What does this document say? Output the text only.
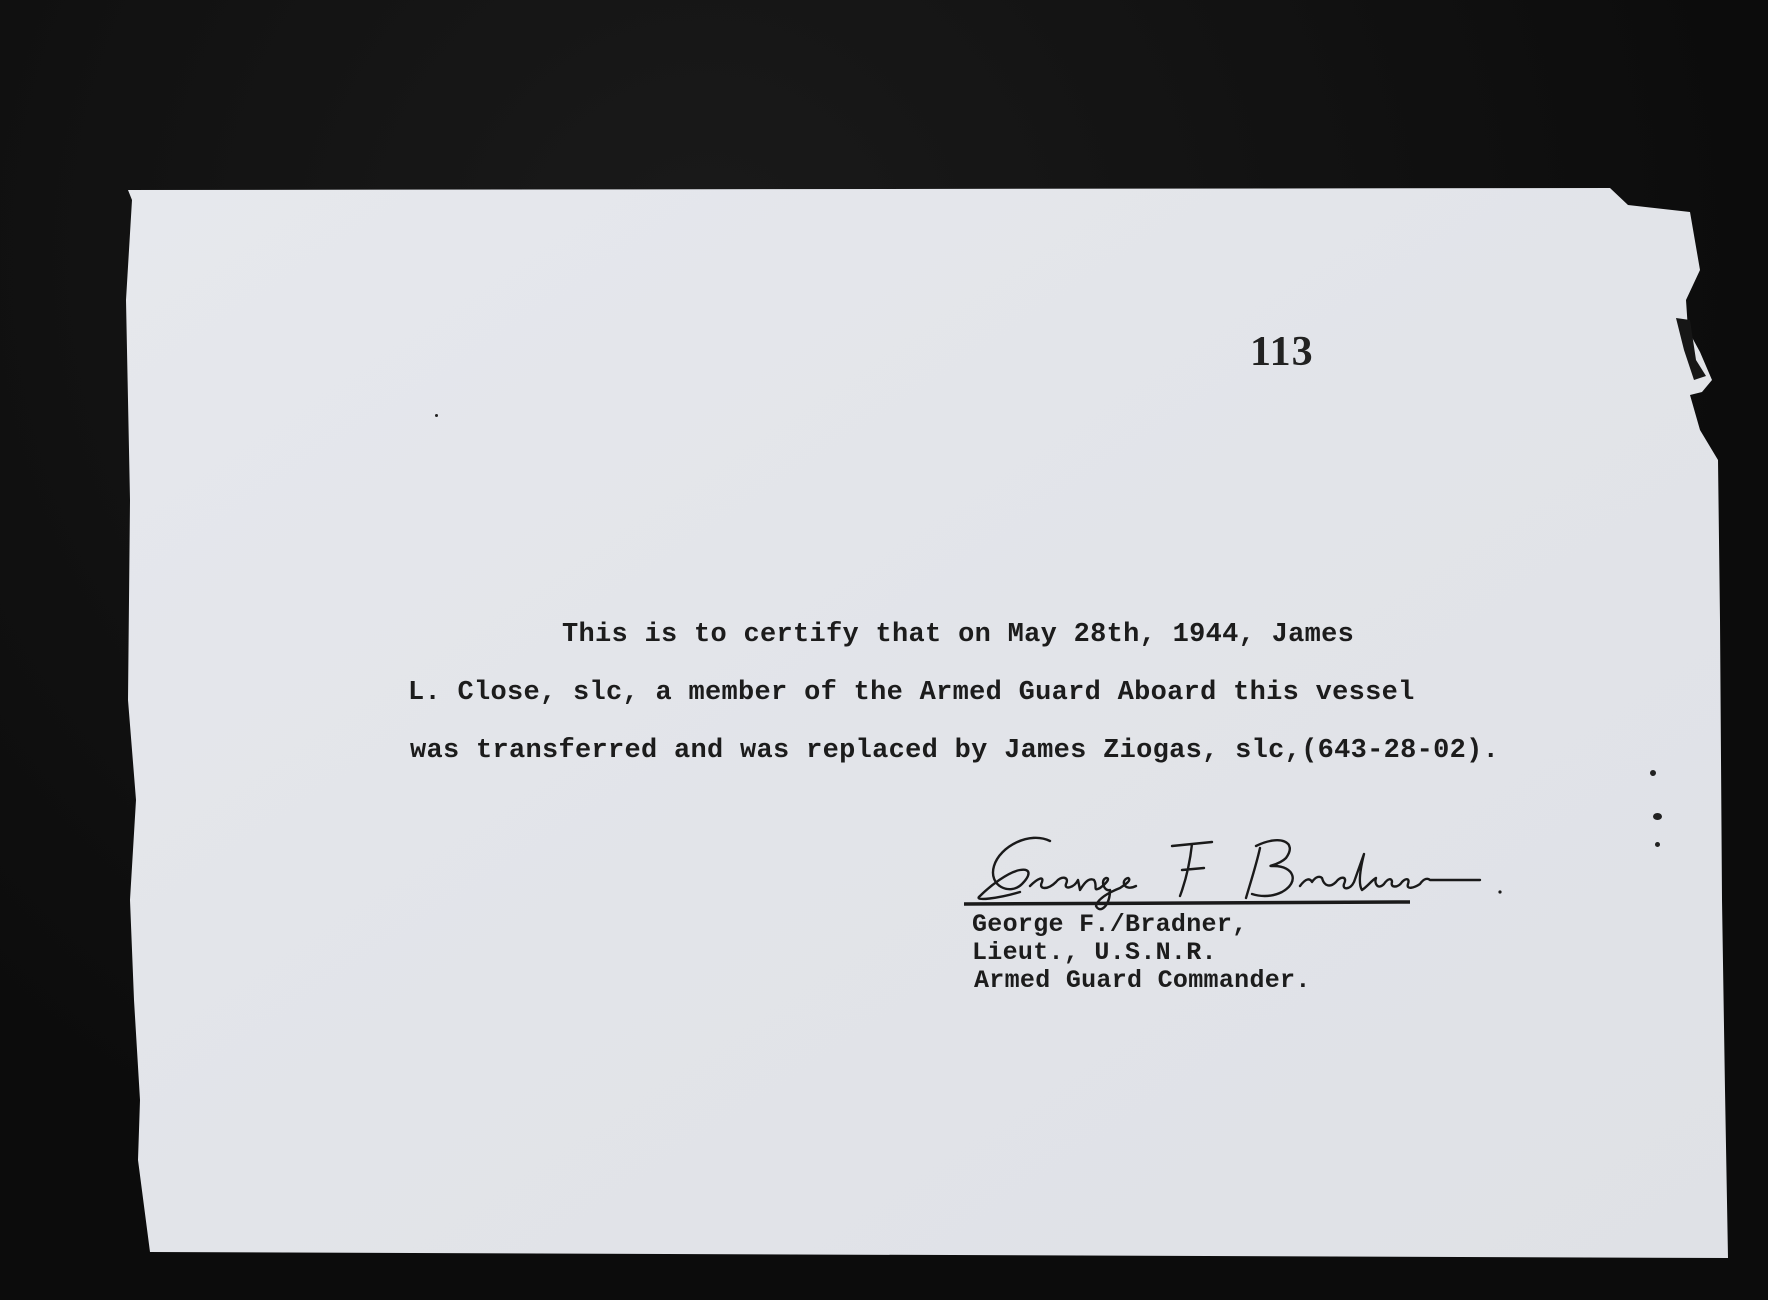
113
This is to certify that on May 28th, 1944, James
L. Close, slc, a member of the Armed Guard Aboard this vessel
was transferred and was replaced by James Ziogas, slc,(643-28-02).
George F./Bradner,
Lieut., U.S.N.R.
Armed Guard Commander.
